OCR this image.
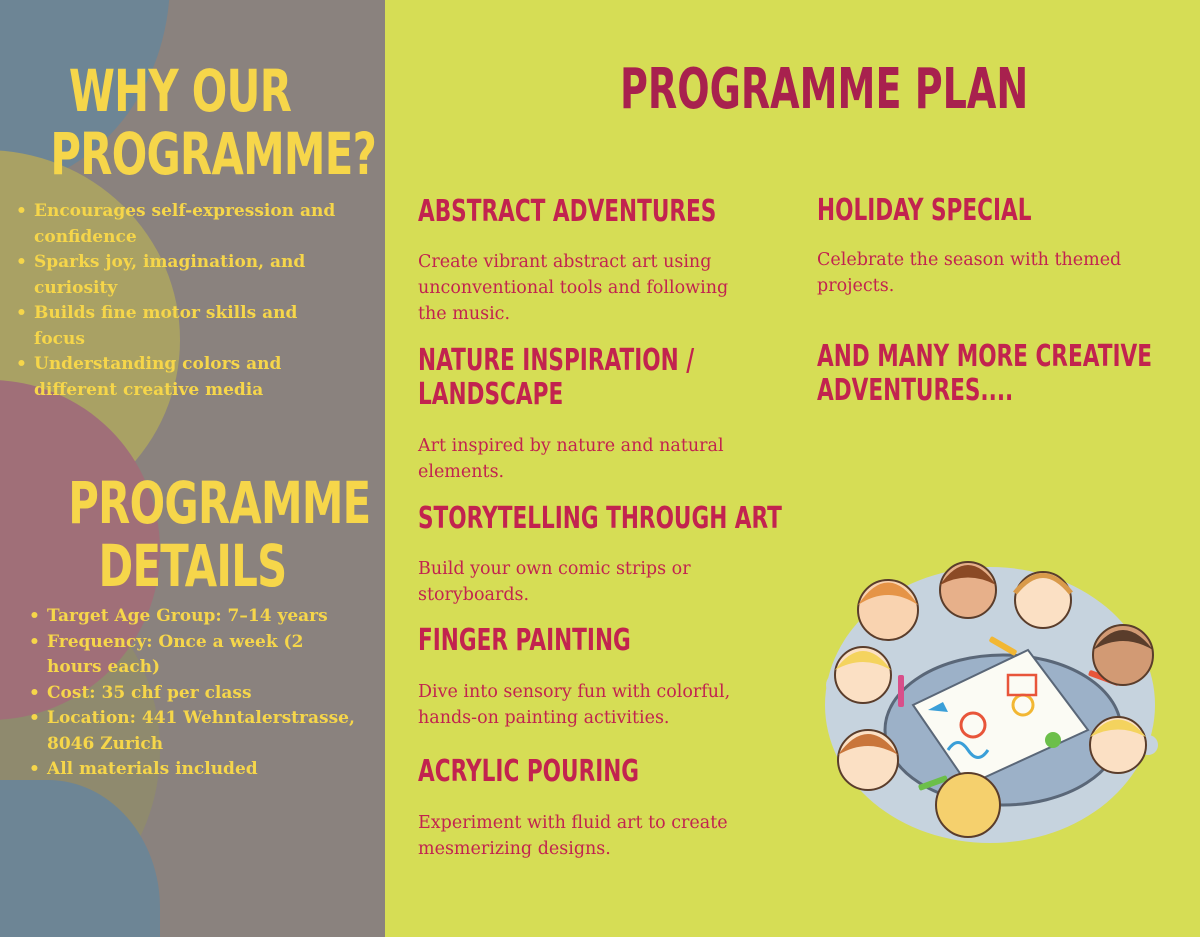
WHY OUR
PROGRAMME?
• Encourages self-expression and confidence
• Sparks joy, imagination, and curiosity
• Builds fine motor skills and focus
• Understanding colors and different creative media
PROGRAMME
DETAILS
• Target Age Group: 7–14 years
• Frequency: Once a week (2 hours each)
• Cost: 35 chf per class
• Location: 441 Wehntalerstrasse, 8046 Zurich
• All materials included
PROGRAMME PLAN
ABSTRACT ADVENTURES
Create vibrant abstract art using unconventional tools and following the music.
NATURE INSPIRATION /
LANDSCAPE
Art inspired by nature and natural elements.
STORYTELLING THROUGH ART
Build your own comic strips or storyboards.
FINGER PAINTING
Dive into sensory fun with colorful, hands-on painting activities.
ACRYLIC POURING
Experiment with fluid art to create mesmerizing designs.
HOLIDAY SPECIAL
Celebrate the season with themed projects.
AND MANY MORE CREATIVE
ADVENTURES....
